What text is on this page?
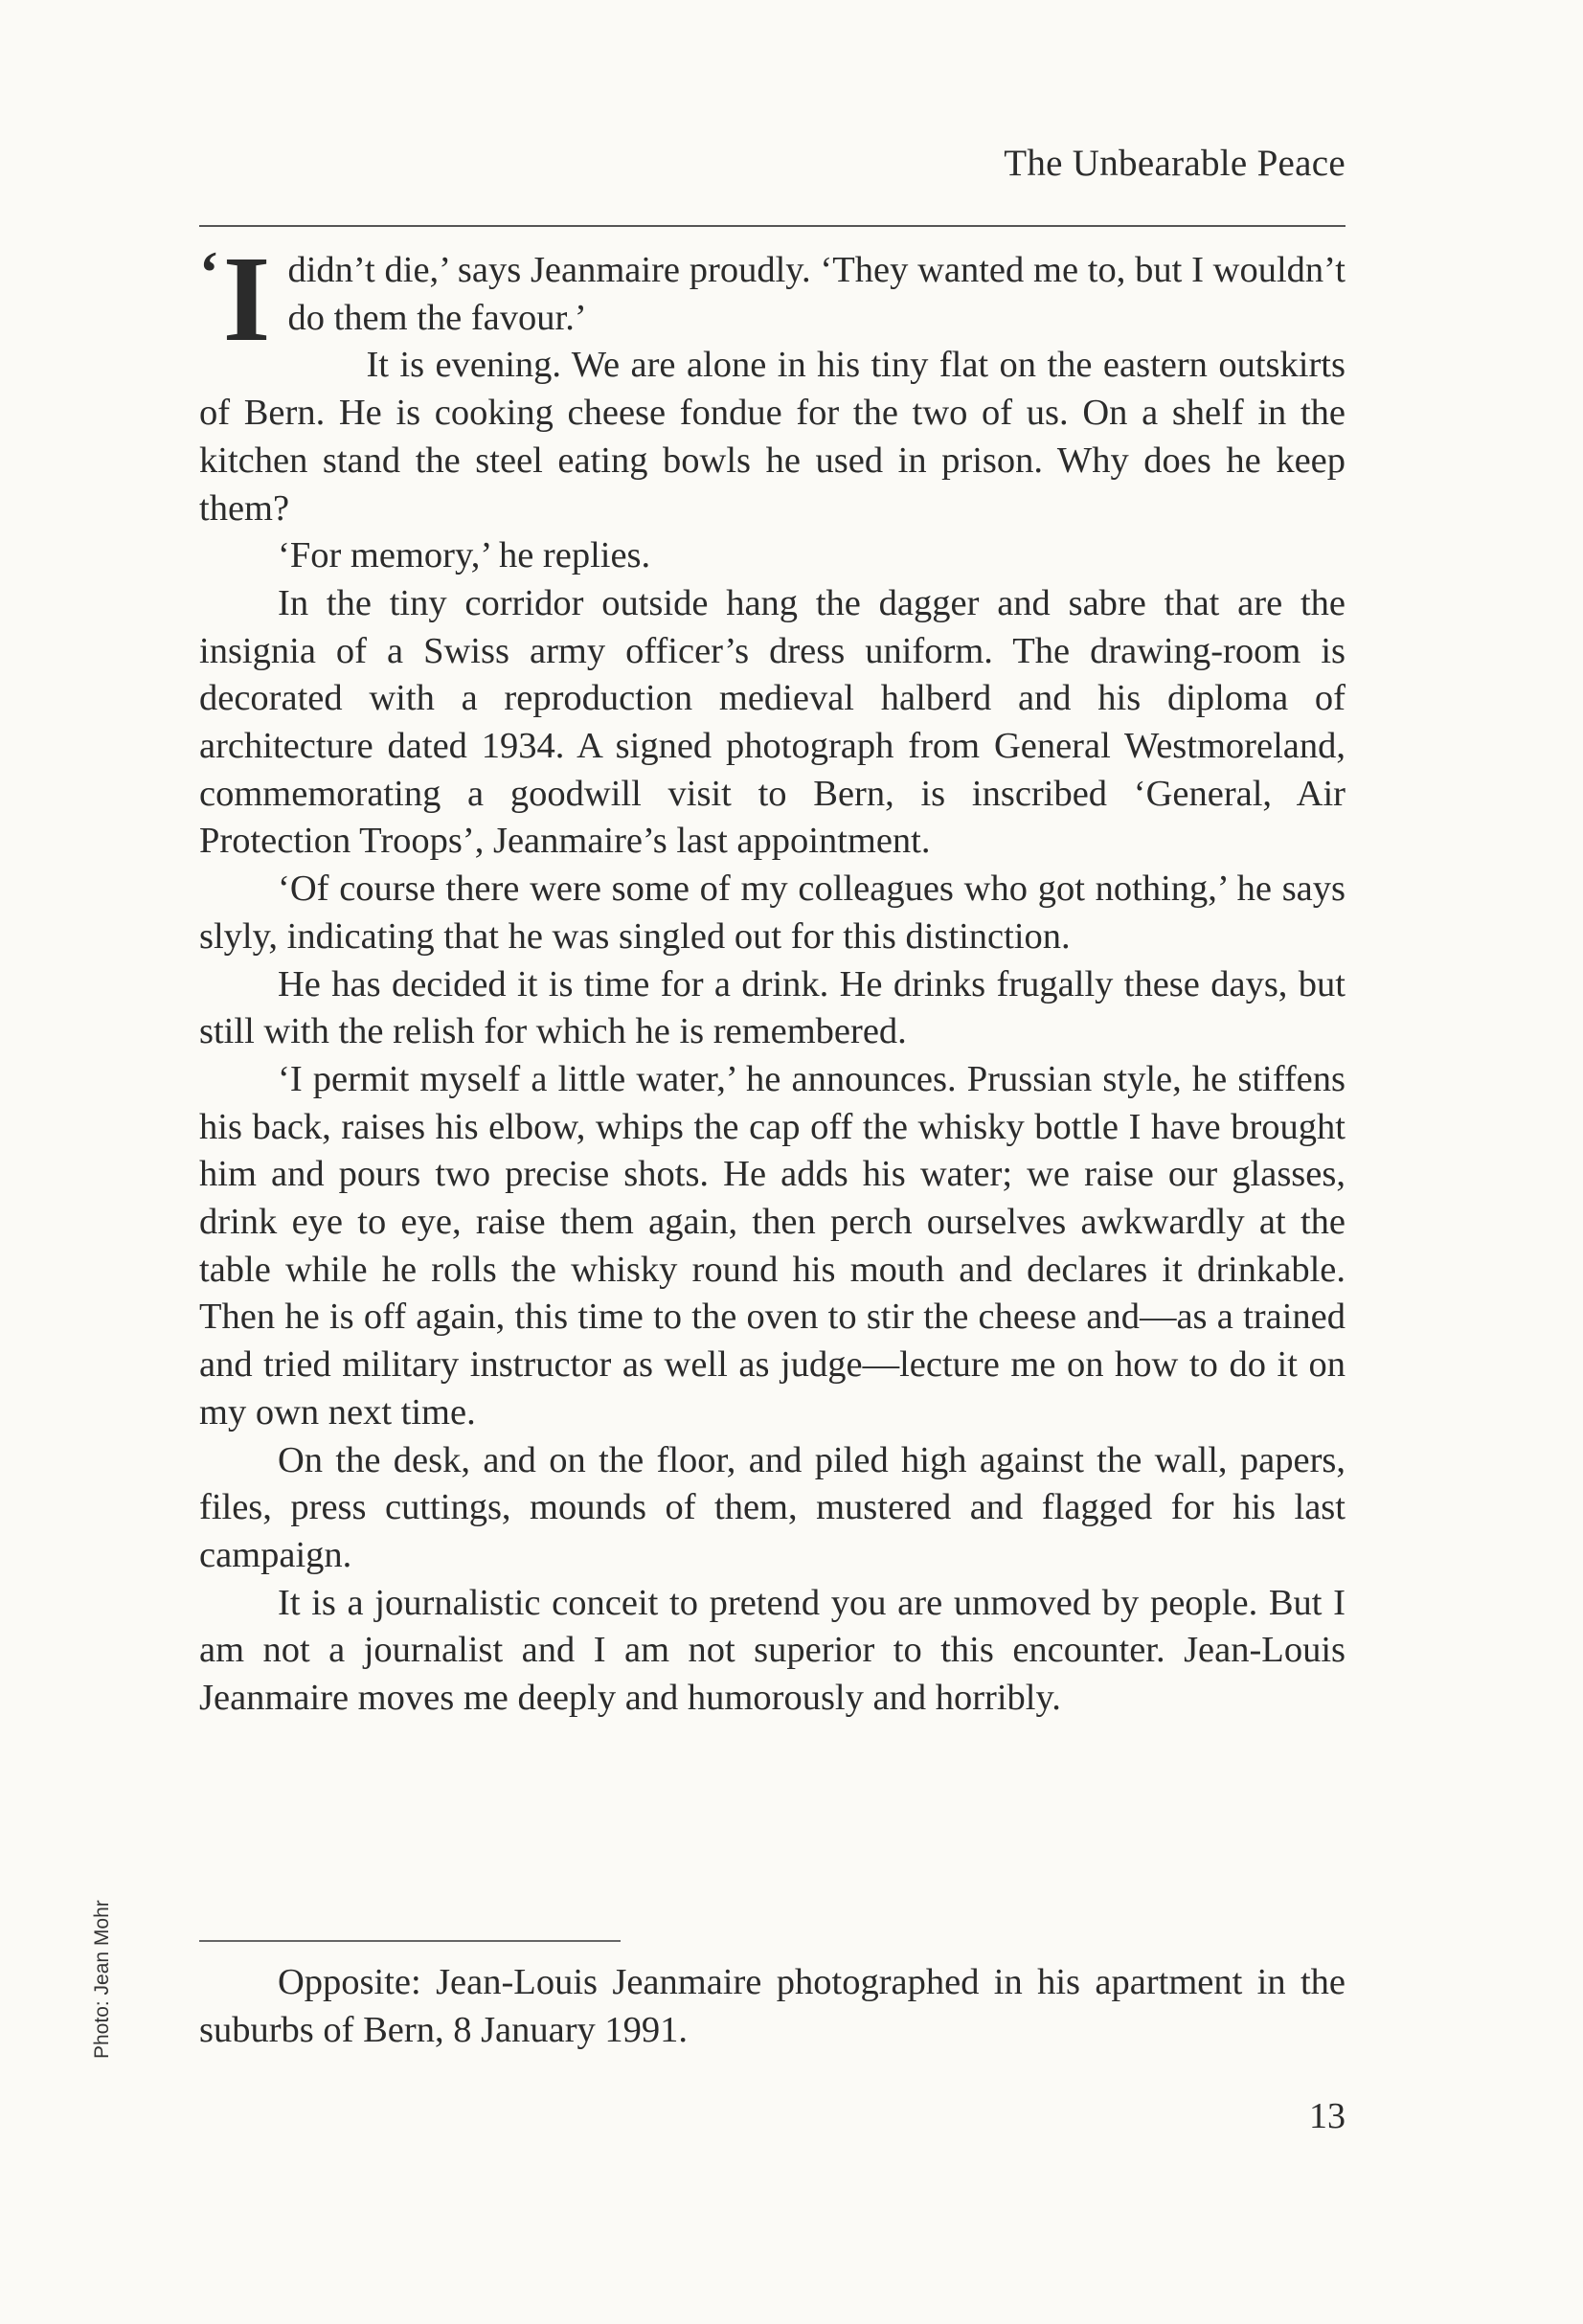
The Unbearable Peace

‘ I didn’t die,’ says Jeanmaire proudly. ‘They wanted me to, but I wouldn’t do them the favour.’

It is evening. We are alone in his tiny flat on the eastern outskirts of Bern. He is cooking cheese fondue for the two of us. On a shelf in the kitchen stand the steel eating bowls he used in prison. Why does he keep them?

‘For memory,’ he replies.

In the tiny corridor outside hang the dagger and sabre that are the insignia of a Swiss army officer’s dress uniform. The drawing-room is decorated with a reproduction medieval halberd and his diploma of architecture dated 1934. A signed photograph from General Westmoreland, commemorating a goodwill visit to Bern, is inscribed ‘General, Air Protection Troops’, Jeanmaire’s last appointment.

‘Of course there were some of my colleagues who got nothing,’ he says slyly, indicating that he was singled out for this distinction.

He has decided it is time for a drink. He drinks frugally these days, but still with the relish for which he is remembered.

‘I permit myself a little water,’ he announces. Prussian style, he stiffens his back, raises his elbow, whips the cap off the whisky bottle I have brought him and pours two precise shots. He adds his water; we raise our glasses, drink eye to eye, raise them again, then perch ourselves awkwardly at the table while he rolls the whisky round his mouth and declares it drinkable. Then he is off again, this time to the oven to stir the cheese and—as a trained and tried military instructor as well as judge—lecture me on how to do it on my own next time.

On the desk, and on the floor, and piled high against the wall, papers, files, press cuttings, mounds of them, mustered and flagged for his last campaign.

It is a journalistic conceit to pretend you are unmoved by people. But I am not a journalist and I am not superior to this encounter. Jean-Louis Jeanmaire moves me deeply and humorously and horribly.

Opposite: Jean-Louis Jeanmaire photographed in his apartment in the suburbs of Bern, 8 January 1991.

Photo: Jean Mohr
13
